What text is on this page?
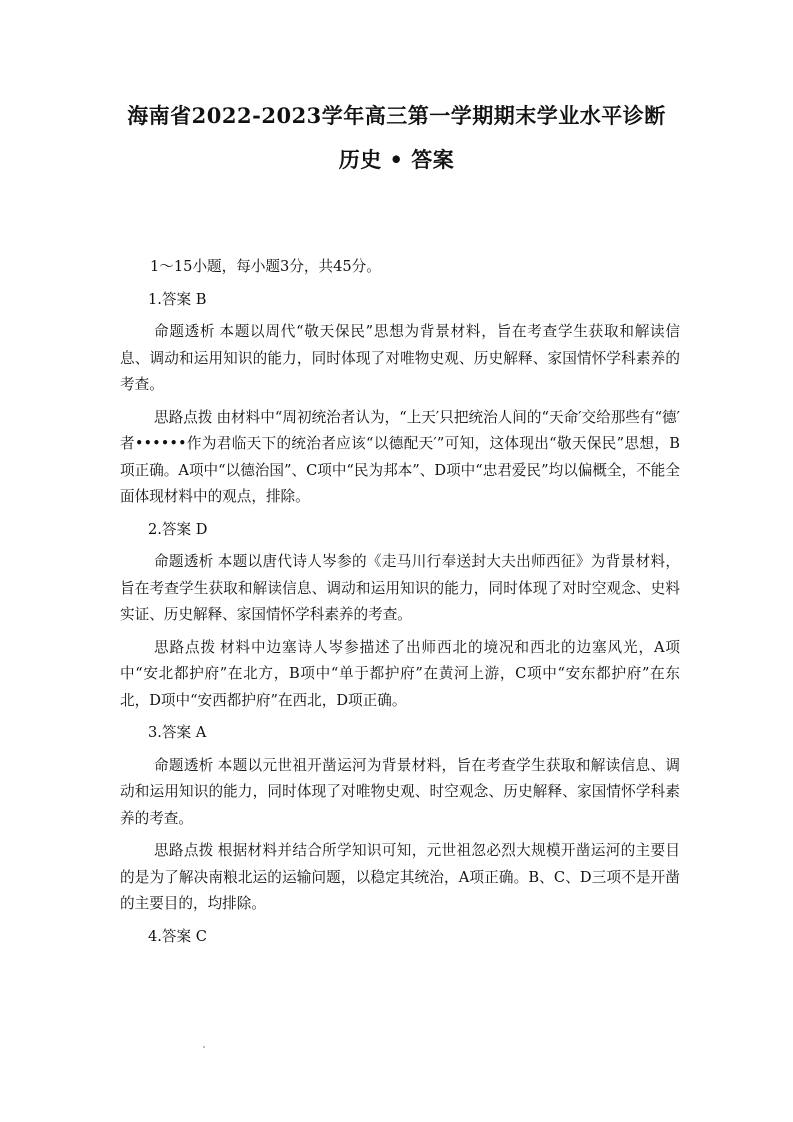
海南省2022-2023学年高三第一学期期末学业水平诊断
历史 • 答案

1～15小题，每小题3分，共45分。

1.答案 B

命题透析 本题以周代“敬天保民”思想为背景材料，旨在考查学生获取和解读信息、调动和运用知识的能力，同时体现了对唯物史观、历史解释、家国情怀学科素养的考查。

思路点拨 由材料中“周初统治者认为，“上天′只把统治人间的“天命′交给那些有“德′者••••••作为君临天下的统治者应该“以德配天′”可知，这体现出“敬天保民”思想，B项正确。A项中“以德治国”、C项中“民为邦本”、D项中“忠君爱民”均以偏概全，不能全面体现材料中的观点，排除。

2.答案 D

命题透析 本题以唐代诗人岑参的《走马川行奉送封大夫出师西征》为背景材料，旨在考查学生获取和解读信息、调动和运用知识的能力，同时体现了对时空观念、史料实证、历史解释、家国情怀学科素养的考查。

思路点拨 材料中边塞诗人岑参描述了出师西北的境况和西北的边塞风光，A项中“安北都护府”在北方，B项中“单于都护府”在黄河上游，C项中“安东都护府”在东北，D项中“安西都护府”在西北，D项正确。

3.答案 A

命题透析 本题以元世祖开凿运河为背景材料，旨在考查学生获取和解读信息、调动和运用知识的能力，同时体现了对唯物史观、时空观念、历史解释、家国情怀学科素养的考查。

思路点拨 根据材料并结合所学知识可知，元世祖忽必烈大规模开凿运河的主要目的是为了解决南粮北运的运输问题，以稳定其统治，A项正确。B、C、D三项不是开凿的主要目的，均排除。

4.答案 C
